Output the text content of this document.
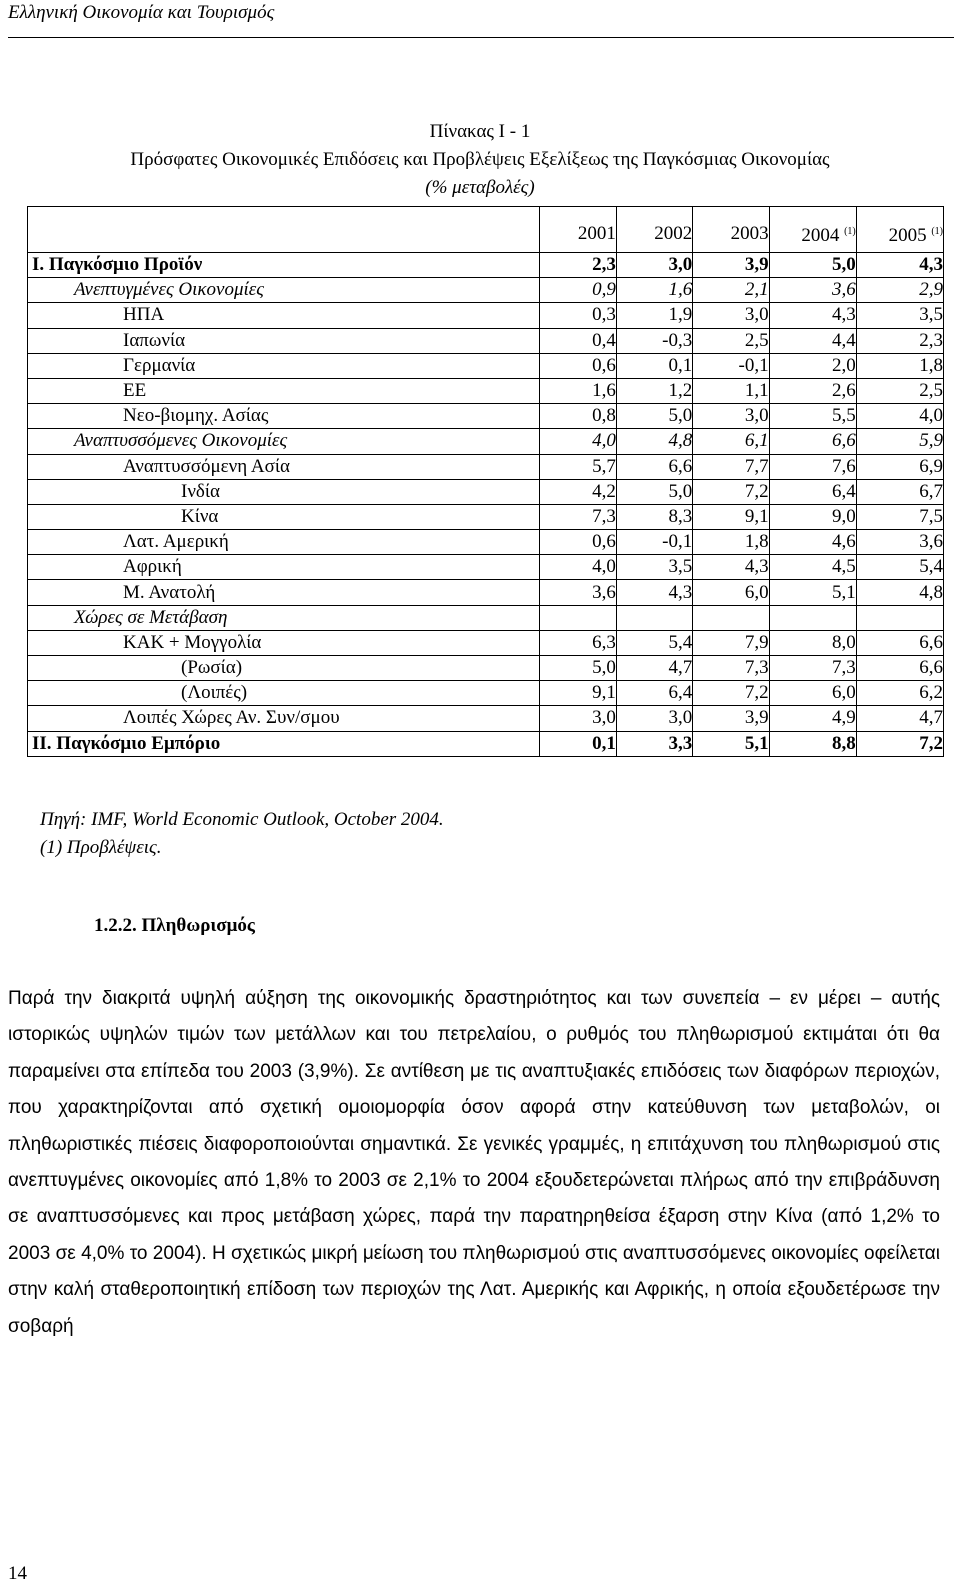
Ελληνική Οικονομία και Τουρισμός
Πίνακας Ι - 1
Πρόσφατες Οικονομικές Επιδόσεις και Προβλέψεις Εξελίξεως της Παγκόσμιας Οικονομίας
(% μεταβολές)
	2001	2002	2003	2004 $^{(1)}$	2005 $^{(1)}$
Ι. Παγκόσμιο Προϊόν	2,3	3,0	3,9	5,0	4,3
Ανεπτυγμένες Οικονομίες	0,9	1,6	2,1	3,6	2,9
ΗΠΑ	0,3	1,9	3,0	4,3	3,5
Ιαπωνία	0,4	-0,3	2,5	4,4	2,3
Γερμανία	0,6	0,1	-0,1	2,0	1,8
ΕΕ	1,6	1,2	1,1	2,6	2,5
Νεο-βιομηχ. Ασίας	0,8	5,0	3,0	5,5	4,0
Αναπτυσσόμενες Οικονομίες	4,0	4,8	6,1	6,6	5,9
Αναπτυσσόμενη Ασία	5,7	6,6	7,7	7,6	6,9
Ινδία	4,2	5,0	7,2	6,4	6,7
Κίνα	7,3	8,3	9,1	9,0	7,5
Λατ. Αμερική	0,6	-0,1	1,8	4,6	3,6
Αφρική	4,0	3,5	4,3	4,5	5,4
Μ. Ανατολή	3,6	4,3	6,0	5,1	4,8
Χώρες σε Μετάβαση					
ΚΑΚ + Μογγολία	6,3	5,4	7,9	8,0	6,6
(Ρωσία)	5,0	4,7	7,3	7,3	6,6
(Λοιπές)	9,1	6,4	7,2	6,0	6,2
Λοιπές Χώρες Αν. Συν/σμου	3,0	3,0	3,9	4,9	4,7
ΙΙ. Παγκόσμιο Εμπόριο	0,1	3,3	5,1	8,8	7,2
Πηγή: IMF, World Economic Outlook, October 2004.
(1) Προβλέψεις.
1.2.2. Πληθωρισμός

Παρά την διακριτά υψηλή αύξηση της οικονομικής δραστηριότητος και των συνεπεία – εν μέρει – αυτής ιστορικώς υψηλών τιμών των μετάλλων και του πετρελαίου, ο ρυθμός του πληθωρισμού εκτιμάται ότι θα παραμείνει στα επίπεδα του 2003 (3,9%). Σε αντίθεση με τις αναπτυξιακές επιδόσεις των διαφόρων περιοχών, που χαρακτηρίζονται από σχετική ομοιομορφία όσον αφορά στην κατεύθυνση των μεταβολών, οι πληθωριστικές πιέσεις διαφοροποιούνται σημαντικά. Σε γενικές γραμμές, η επιτάχυνση του πληθωρισμού στις ανεπτυγμένες οικονομίες από 1,8% το 2003 σε 2,1% το 2004 εξουδετερώνεται πλήρως από την επιβράδυνση σε αναπτυσσόμενες και προς μετάβαση χώρες, παρά την παρατηρηθείσα έξαρση στην Κίνα (από 1,2% το 2003 σε 4,0% το 2004). Η σχετικώς μικρή μείωση του πληθωρισμού στις αναπτυσσόμενες οικονομίες οφείλεται στην καλή σταθεροποιητική επίδοση των περιοχών της Λατ. Αμερικής και Αφρικής, η οποία εξουδετέρωσε την σοβαρή

14
